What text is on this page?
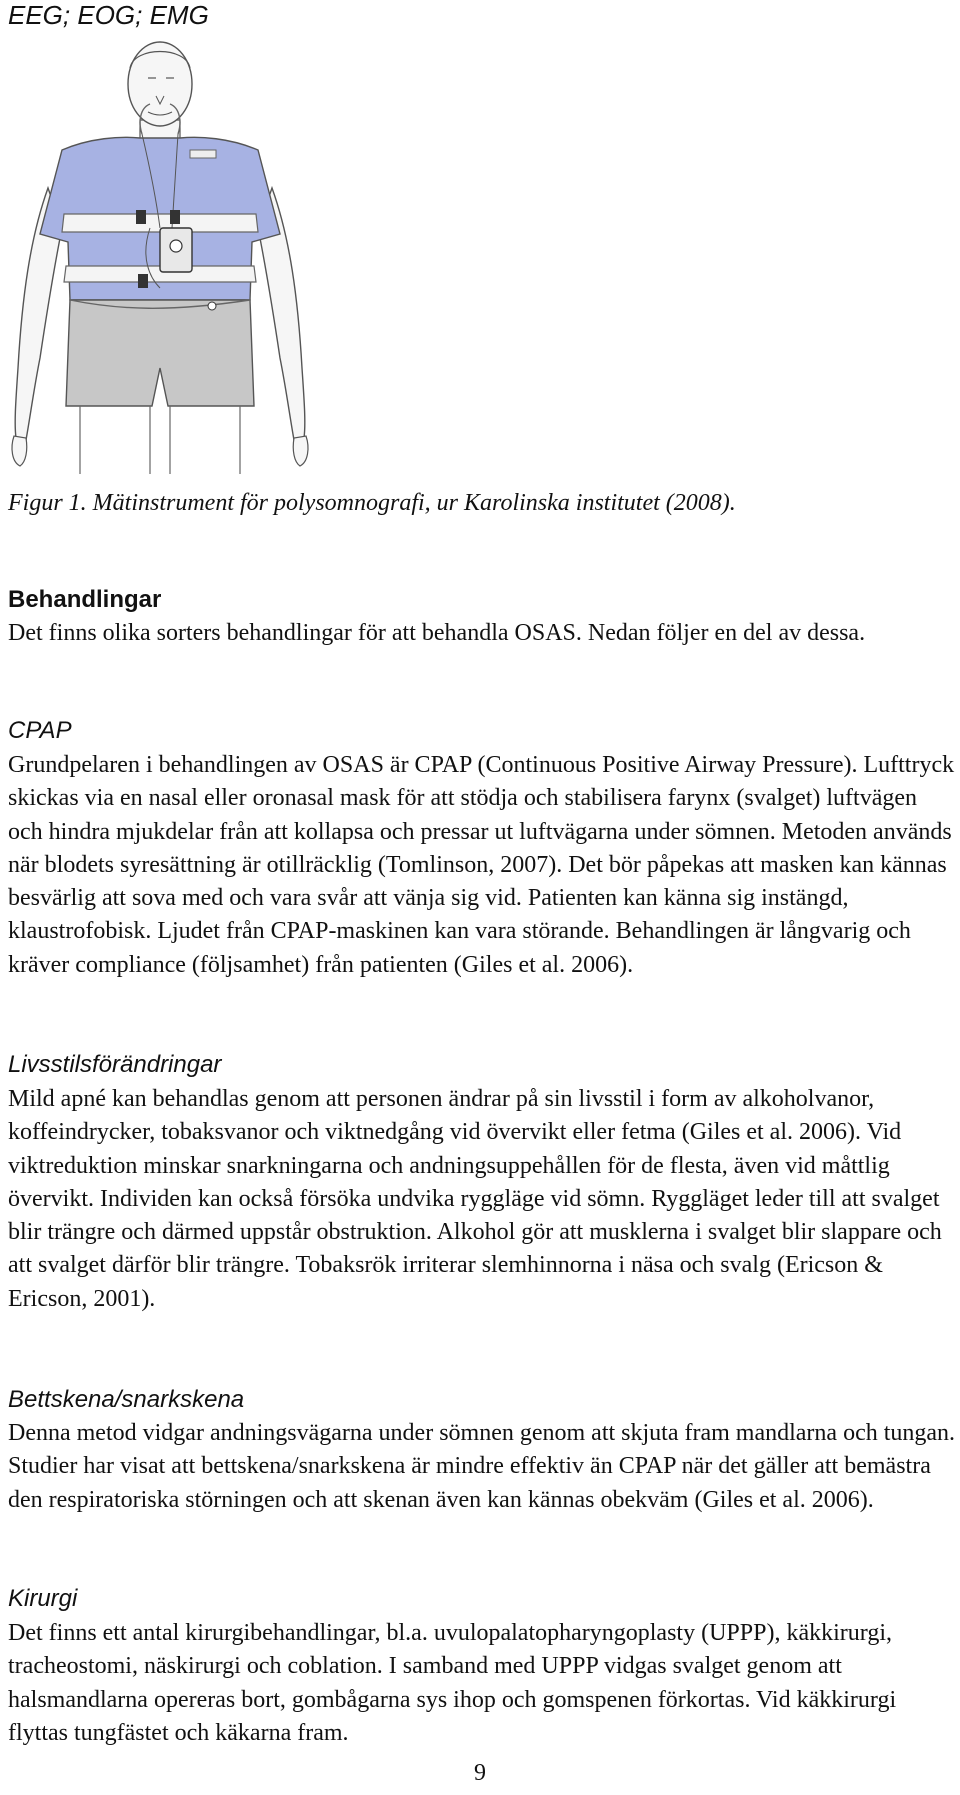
EEG; EOG; EMG
Figur 1. Mätinstrument för polysomnografi, ur Karolinska institutet (2008).
Behandlingar

Det finns olika sorters behandlingar för att behandla OSAS. Nedan följer en del av dessa.

CPAP

Grundpelaren i behandlingen av OSAS är CPAP (Continuous Positive Airway Pressure). Lufttryck skickas via en nasal eller oronasal mask för att stödja och stabilisera farynx (svalget) luftvägen och hindra mjukdelar från att kollapsa och pressar ut luftvägarna under sömnen. Metoden används när blodets syresättning är otillräcklig (Tomlinson, 2007). Det bör påpekas att masken kan kännas besvärlig att sova med och vara svår att vänja sig vid. Patienten kan känna sig instängd, klaustrofobisk. Ljudet från CPAP-maskinen kan vara störande. Behandlingen är långvarig och kräver compliance (följsamhet) från patienten (Giles et al. 2006).

Livsstilsförändringar

Mild apné kan behandlas genom att personen ändrar på sin livsstil i form av alkoholvanor, koffeindrycker, tobaksvanor och viktnedgång vid övervikt eller fetma (Giles et al. 2006). Vid viktreduktion minskar snarkningarna och andningsuppehållen för de flesta, även vid måttlig övervikt. Individen kan också försöka undvika ryggläge vid sömn. Ryggläget leder till att svalget blir trängre och därmed uppstår obstruktion. Alkohol gör att musklerna i svalget blir slappare och att svalget därför blir trängre. Tobaksrök irriterar slemhinnorna i näsa och svalg (Ericson & Ericson, 2001).

Bettskena/snarkskena

Denna metod vidgar andningsvägarna under sömnen genom att skjuta fram mandlarna och tungan. Studier har visat att bettskena/snarkskena är mindre effektiv än CPAP när det gäller att bemästra den respiratoriska störningen och att skenan även kan kännas obekväm (Giles et al. 2006).

Kirurgi

Det finns ett antal kirurgibehandlingar, bl.a. uvulopalatopharyngoplasty (UPPP), käkkirurgi, tracheostomi, näskirurgi och coblation. I samband med UPPP vidgas svalget genom att halsmandlarna opereras bort, gombågarna sys ihop och gomspenen förkortas. Vid käkkirurgi flyttas tungfästet och käkarna fram.

9
